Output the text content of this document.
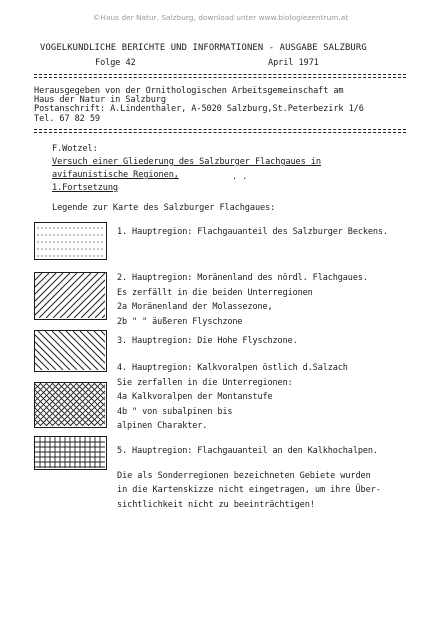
©Haus der Natur, Salzburg, download unter www.biologiezentrum.at
VOGELKUNDLICHE BERICHTE UND INFORMATIONEN - AUSGABE SALZBURG
Folge 42	April 1971
Herausgegeben von der Ornithologischen Arbeitsgemeinschaft am
Haus der Natur in Salzburg
Postanschrift: A.Lindenthaler, A-5020 Salzburg,St.Peterbezirk 1/6
Tel. 67 82 59
F.Wotzel:
Versuch einer Gliederung des Salzburger Flachgaues in
avifaunistische Regionen,	. .
1.Fortsetzung
Legende zur Karte des Salzburger Flachgaues:
1. Hauptregion: Flachgauanteil des Salzburger Beckens.
2. Hauptregion: Moränenland des nördl. Flachgaues.
Es zerfällt in die beiden Unterregionen
2a Moränenland der Molassezone,
2b " " äußeren Flyschzone
3. Hauptregion: Die Hohe Flyschzone.
4. Hauptregion: Kalkvoralpen östlich d.Salzach
Sie zerfallen in die Unterregionen:
4a Kalkvoralpen der Montanstufe
4b " von subalpinen bis
alpinen Charakter.
5. Hauptregion: Flachgauanteil an den Kalkhochalpen.
Die als Sonderregionen bezeichneten Gebiete wurden
in die Kartenskizze nicht eingetragen, um ihre Über-
sichtlichkeit nicht zu beeinträchtigen!
